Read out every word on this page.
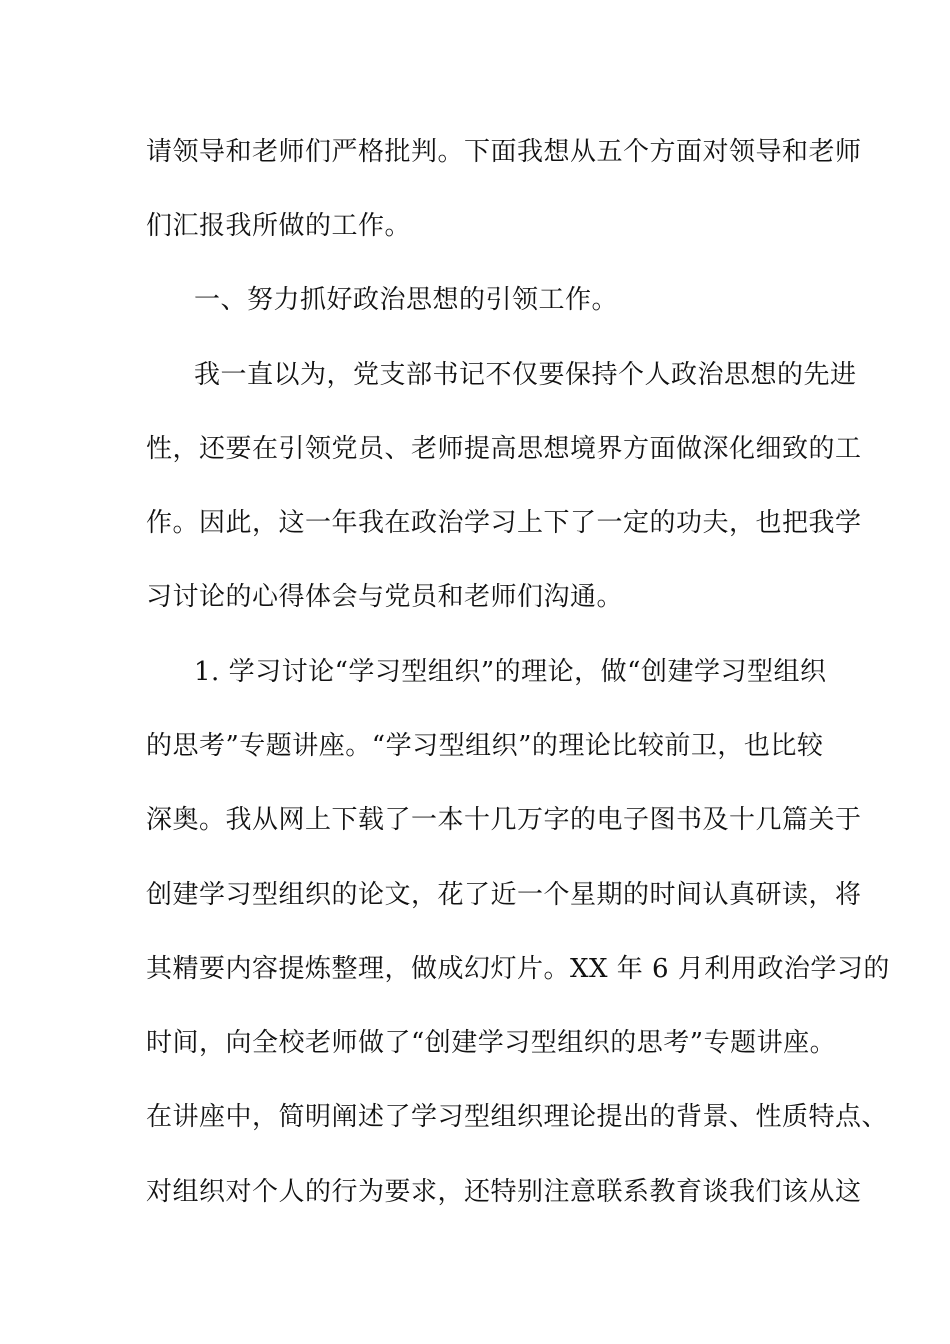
请领导和老师们严格批判。下面我想从五个方面对领导和老师
们汇报我所做的工作。
一、努力抓好政治思想的引领工作。
我一直以为，党支部书记不仅要保持个人政治思想的先进
性，还要在引领党员、老师提高思想境界方面做深化细致的工
作。因此，这一年我在政治学习上下了一定的功夫，也把我学
习讨论的心得体会与党员和老师们沟通。
1. 学习讨论“学习型组织”的理论，做“创建学习型组织
的思考”专题讲座。“学习型组织”的理论比较前卫，也比较
深奥。我从网上下载了一本十几万字的电子图书及十几篇关于
创建学习型组织的论文，花了近一个星期的时间认真研读，将
其精要内容提炼整理，做成幻灯片。XX 年 6 月利用政治学习的
时间，向全校老师做了“创建学习型组织的思考”专题讲座。
在讲座中，简明阐述了学习型组织理论提出的背景、性质特点、
对组织对个人的行为要求，还特别注意联系教育谈我们该从这
